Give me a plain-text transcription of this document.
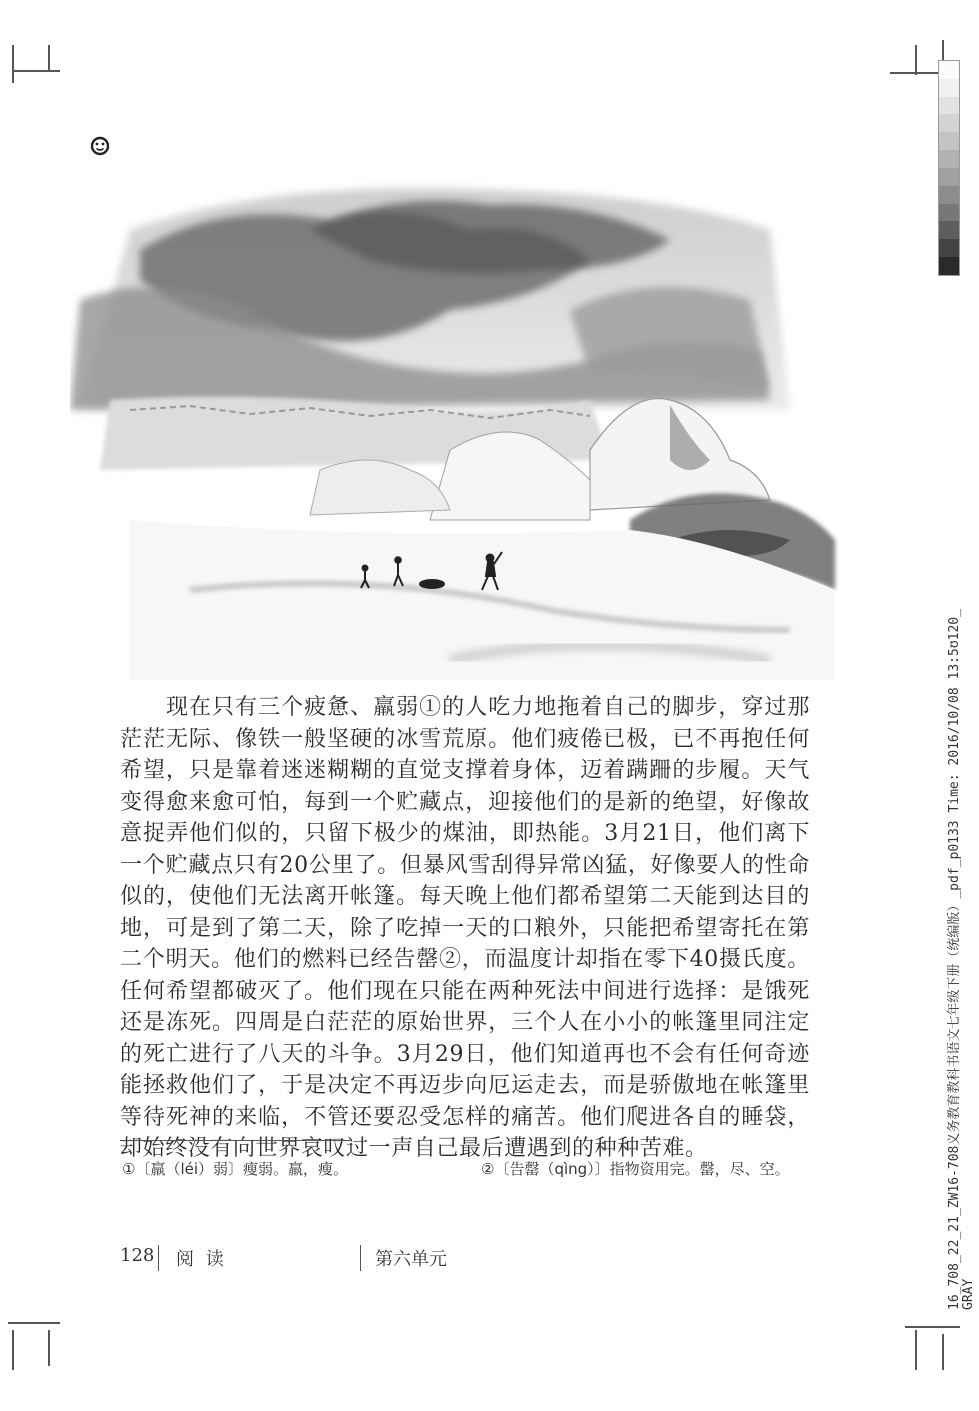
现在只有三个疲惫、羸弱①的人吃力地拖着自己的脚步，穿过那茫茫无际、像铁一般坚硬的冰雪荒原。他们疲倦已极，已不再抱任何希望，只是靠着迷迷糊糊的直觉支撑着身体，迈着蹒跚的步履。天气变得愈来愈可怕，每到一个贮藏点，迎接他们的是新的绝望，好像故意捉弄他们似的，只留下极少的煤油，即热能。3月21日，他们离下一个贮藏点只有20公里了。但暴风雪刮得异常凶猛，好像要人的性命似的，使他们无法离开帐篷。每天晚上他们都希望第二天能到达目的地，可是到了第二天，除了吃掉一天的口粮外，只能把希望寄托在第二个明天。他们的燃料已经告罄②，而温度计却指在零下40摄氏度。任何希望都破灭了。他们现在只能在两种死法中间进行选择：是饿死还是冻死。四周是白茫茫的原始世界，三个人在小小的帐篷里同注定的死亡进行了八天的斗争。3月29日，他们知道再也不会有任何奇迹能拯救他们了，于是决定不再迈步向厄运走去，而是骄傲地在帐篷里等待死神的来临，不管还要忍受怎样的痛苦。他们爬进各自的睡袋，却始终没有向世界哀叹过一声自己最后遭遇到的种种苦难。

①〔羸（léi）弱〕瘦弱。羸，瘦。	②〔告罄（qìng）〕指物资用完。罄，尽、空。
128 阅 读	第六单元	16_708_22_21_ZW16-708义务教育教科书语文七年级下册（统编版）_pdf_p0133 Time: 2016/10/08 13:5ʊ120_ GRAY
